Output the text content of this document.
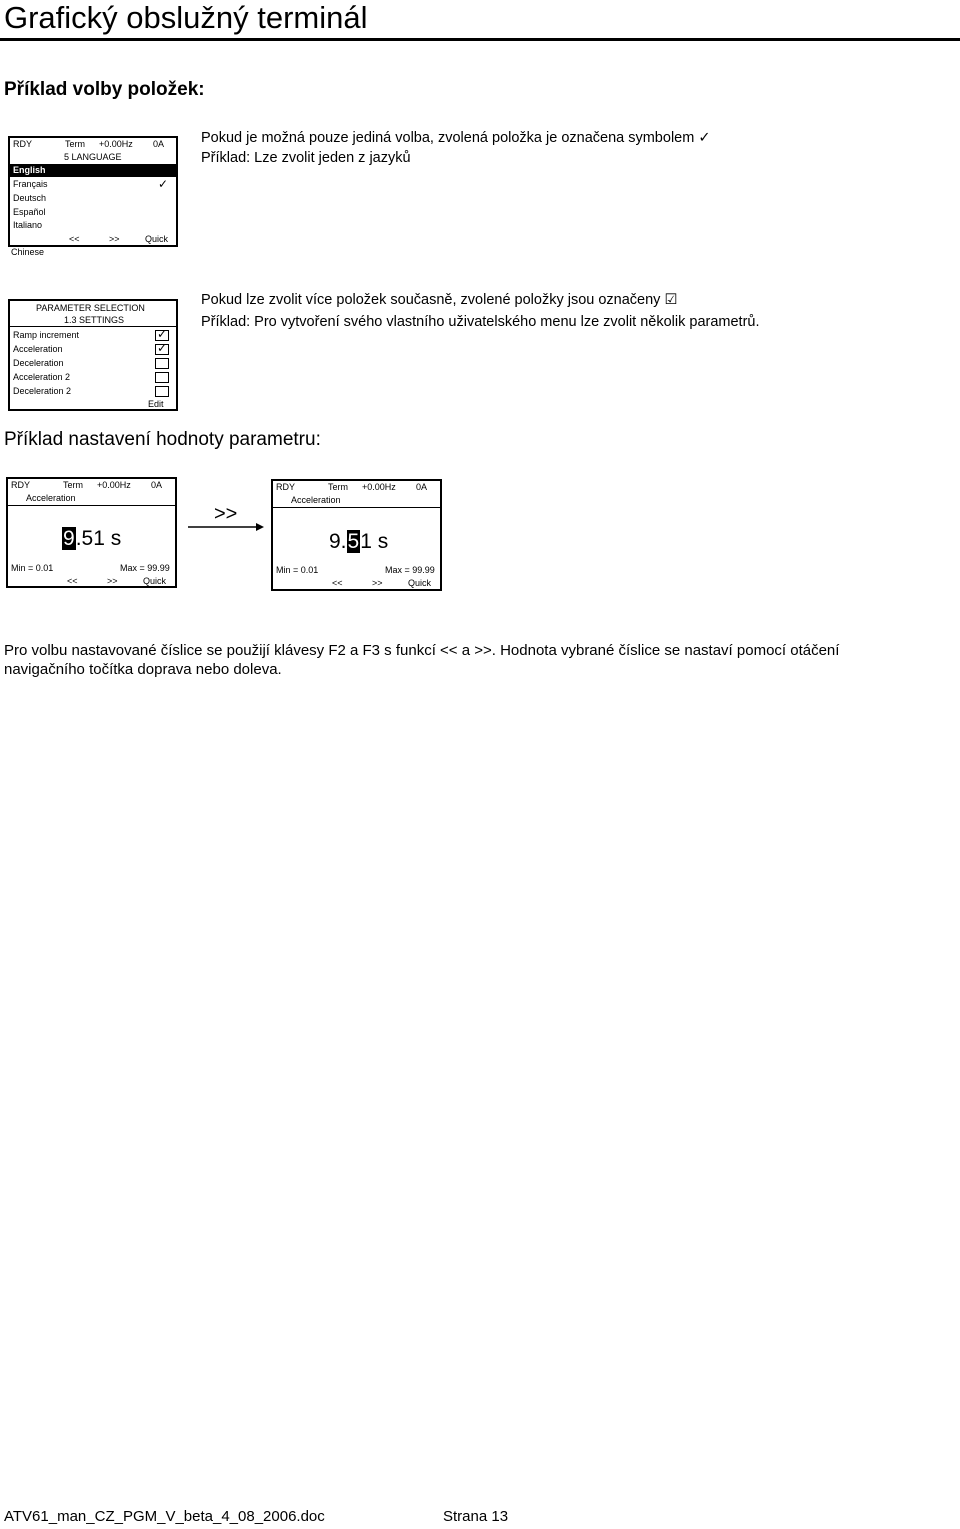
Grafický obslužný terminál
Příklad volby položek:
RDY	Term +0.00Hz 0A
5 LANGUAGE
English
Français	✓
Deutsch
Español
Italiano
<<	>>	Quick
Chinese

Pokud je možná pouze jediná volba, zvolená položka je označena symbolem ✓

Příklad: Lze zvolit jeden z jazyků

PARAMETER SELECTION
1.3 SETTINGS
Ramp increment	✓
Acceleration	✓
Deceleration
Acceleration 2
Deceleration 2
Edit

Pokud lze zvolit více položek současně, zvolené položky jsou označeny ☑

Příklad: Pro vytvoření svého vlastního uživatelského menu lze zvolit několik parametrů.

Příklad nastavení hodnoty parametru:
RDY	Term +0.00Hz 0A
Acceleration
9.51 s
Min = 0.01	Max = 99.99
<<	>>	Quick
>>
RDY	Term +0.00Hz 0A
Acceleration
9.51 s
Min = 0.01	Max = 99.99
<<	>>	Quick

Pro volbu nastavované číslice se použijí klávesy F2 a F3 s funkcí << a >>. Hodnota vybrané číslice se nastaví pomocí otáčení

navigačního točítka doprava nebo doleva.

ATV61_man_CZ_PGM_V_beta_4_08_2006.doc	Strana 13
